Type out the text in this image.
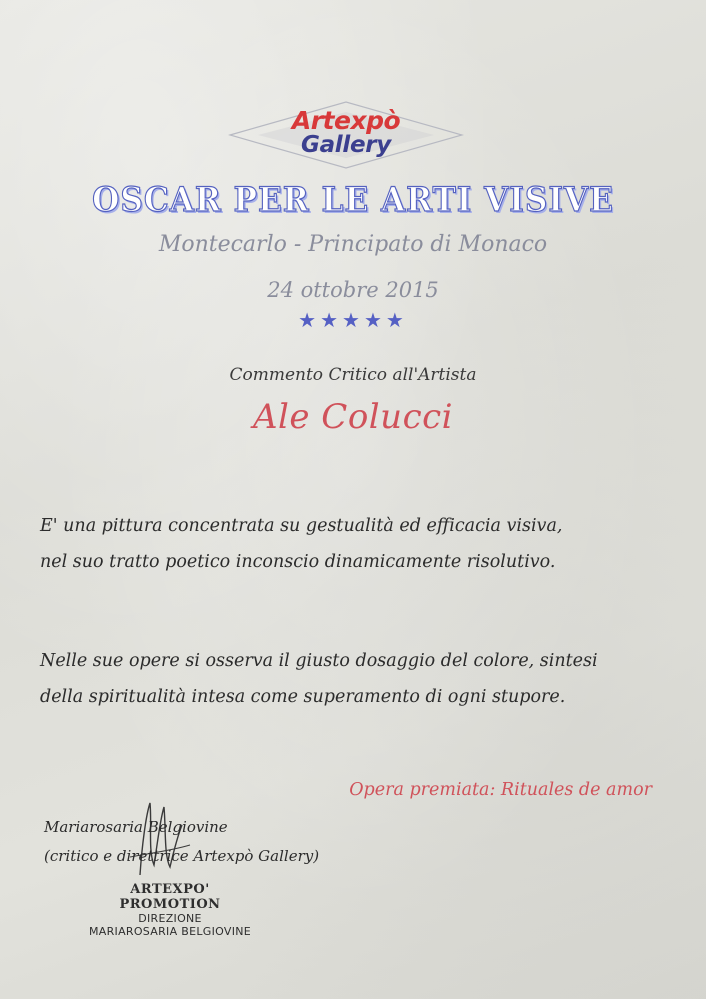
Artexpò
Gallery
OSCAR PER LE ARTI VISIVE
Montecarlo - Principato di Monaco
24 ottobre 2015
★★★★★
Commento Critico all'Artista
Ale Colucci
E' una pittura concentrata su gestualità ed efficacia visiva,
nel suo tratto poetico inconscio dinamicamente risolutivo.
Nelle sue opere si osserva il giusto dosaggio del colore, sintesi
della spiritualità intesa come superamento di ogni stupore.
Opera premiata: Rituales de amor
Mariarosaria Belgiovine
(critico e direttrice Artexpò Gallery)
ARTEXPO' PROMOTION
DIREZIONE
MARIAROSARIA BELGIOVINE
